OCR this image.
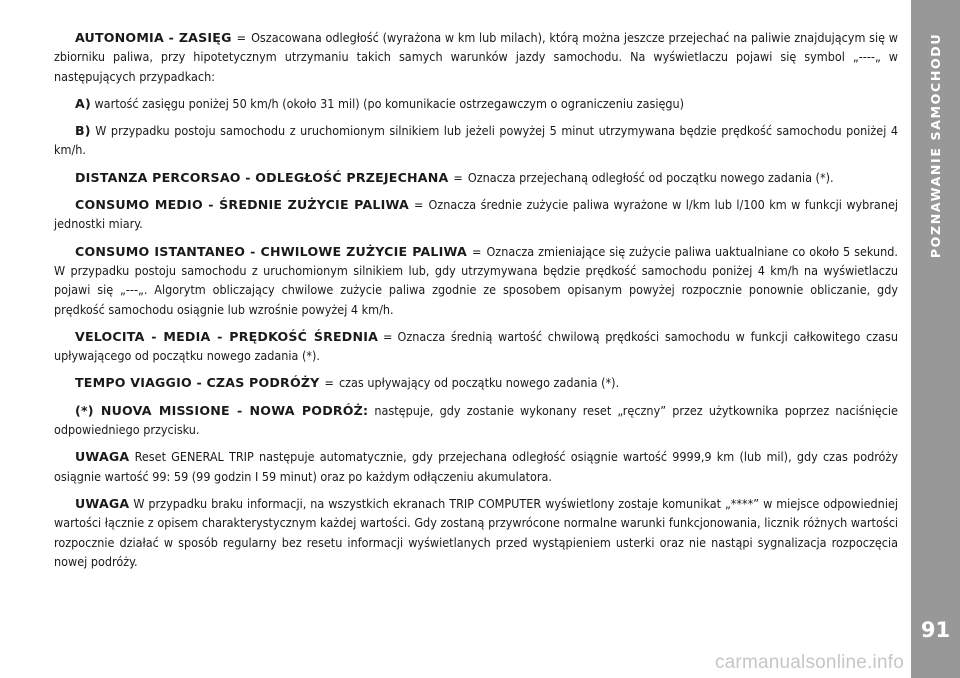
AUTONOMIA - ZASIĘG = Oszacowana odległość (wyrażona w km lub milach), którą można jeszcze przejechać na paliwie znajdującym się w zbiorniku paliwa, przy hipotetycznym utrzymaniu takich samych warunków jazdy samochodu. Na wyświetlaczu pojawi się symbol „----„ w następujących przypadkach:

A) wartość zasięgu poniżej 50 km/h (około 31 mil) (po komunikacie ostrzegawczym o ograniczeniu zasięgu)

B) W przypadku postoju samochodu z uruchomionym silnikiem lub jeżeli powyżej 5 minut utrzymywana będzie prędkość samochodu poniżej 4 km/h.

DISTANZA PERCORSAO - ODLEGŁOŚĆ PRZEJECHANA = Oznacza przejechaną odległość od początku nowego zadania (*).

CONSUMO MEDIO - ŚREDNIE ZUŻYCIE PALIWA = Oznacza średnie zużycie paliwa wyrażone w l/km lub l/100 km w funkcji wybranej jednostki miary.

CONSUMO ISTANTANEO - CHWILOWE ZUŻYCIE PALIWA = Oznacza zmieniające się zużycie paliwa uaktualniane co około 5 sekund. W przypadku postoju samochodu z uruchomionym silnikiem lub, gdy utrzymywana będzie prędkość samochodu poniżej 4 km/h na wyświetlaczu pojawi się „---„. Algorytm obliczający chwilowe zużycie paliwa zgodnie ze sposobem opisanym powyżej rozpocznie ponownie obliczanie, gdy prędkość samochodu osiągnie lub wzrośnie powyżej 4 km/h.

VELOCITA - MEDIA - PRĘDKOŚĆ ŚREDNIA = Oznacza średnią wartość chwilową prędkości samochodu w funkcji całkowitego czasu upływającego od początku nowego zadania (*).

TEMPO VIAGGIO - CZAS PODRÓŻY = czas upływający od początku nowego zadania (*).

(*) NUOVA MISSIONE - NOWA PODRÓŻ: następuje, gdy zostanie wykonany reset „ręczny” przez użytkownika poprzez naciśnięcie odpowiedniego przycisku.

UWAGA Reset GENERAL TRIP następuje automatycznie, gdy przejechana odległość osiągnie wartość 9999,9 km (lub mil), gdy czas podróży osiągnie wartość 99: 59 (99 godzin I 59 minut) oraz po każdym odłączeniu akumulatora.

UWAGA W przypadku braku informacji, na wszystkich ekranach TRIP COMPUTER wyświetlony zostaje komunikat „****” w miejsce odpowiedniej wartości łącznie z opisem charakterystycznym każdej wartości. Gdy zostaną przywrócone normalne warunki funkcjonowania, licznik różnych wartości rozpocznie działać w sposób regularny bez resetu informacji wyświetlanych przed wystąpieniem usterki oraz nie nastąpi sygnalizacja rozpoczęcia nowej podróży.

POZNAWANIE SAMOCHODU
91
carmanualsonline.info
